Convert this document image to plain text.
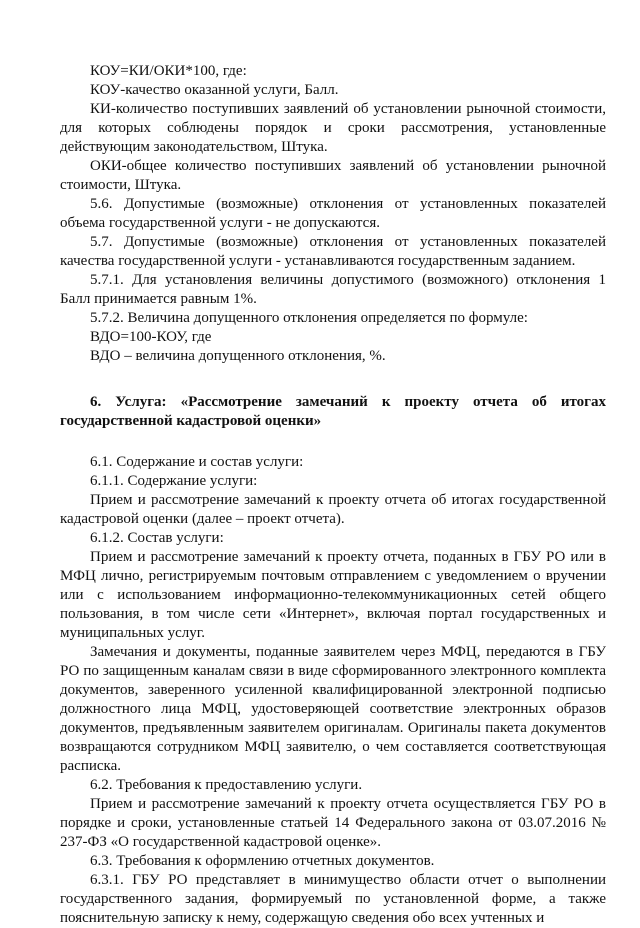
КОУ=КИ/ОКИ*100, где:

КОУ-качество оказанной услуги, Балл.

КИ-количество поступивших заявлений об установлении рыночной стоимости, для которых соблюдены порядок и сроки рассмотрения, установленные действующим законодательством, Штука.

ОКИ-общее количество поступивших заявлений об установлении рыночной стоимости, Штука.

5.6. Допустимые (возможные) отклонения от установленных показателей объема государственной услуги - не допускаются.

5.7. Допустимые (возможные) отклонения от установленных показателей качества государственной услуги - устанавливаются государственным заданием.

5.7.1. Для установления величины допустимого (возможного) отклонения 1 Балл принимается равным 1%.

5.7.2. Величина допущенного отклонения определяется по формуле:

ВДО=100-КОУ, где

ВДО – величина допущенного отклонения, %.

6. Услуга: «Рассмотрение замечаний к проекту отчета об итогах государственной кадастровой оценки»

6.1. Содержание и состав услуги:

6.1.1. Содержание услуги:

Прием и рассмотрение замечаний к проекту отчета об итогах государственной кадастровой оценки (далее – проект отчета).

6.1.2. Состав услуги:

Прием и рассмотрение замечаний к проекту отчета, поданных в ГБУ РО или в МФЦ лично, регистрируемым почтовым отправлением с уведомлением о вручении или с использованием информационно-телекоммуникационных сетей общего пользования, в том числе сети «Интернет», включая портал государственных и муниципальных услуг.

Замечания и документы, поданные заявителем через МФЦ, передаются в ГБУ РО по защищенным каналам связи в виде сформированного электронного комплекта документов, заверенного усиленной квалифицированной электронной подписью должностного лица МФЦ, удостоверяющей соответствие электронных образов документов, предъявленным заявителем оригиналам. Оригиналы пакета документов возвращаются сотрудником МФЦ заявителю, о чем составляется соответствующая расписка.

6.2. Требования к предоставлению услуги.

Прием и рассмотрение замечаний к проекту отчета осуществляется ГБУ РО в порядке и сроки, установленные статьей 14 Федерального закона от 03.07.2016 № 237-ФЗ «О государственной кадастровой оценке».

6.3. Требования к оформлению отчетных документов.

6.3.1. ГБУ РО представляет в минимуществo области отчет о выполнении государственного задания, формируемый по установленной форме, а также пояснительную записку к нему, содержащую сведения обо всех учтенных и
